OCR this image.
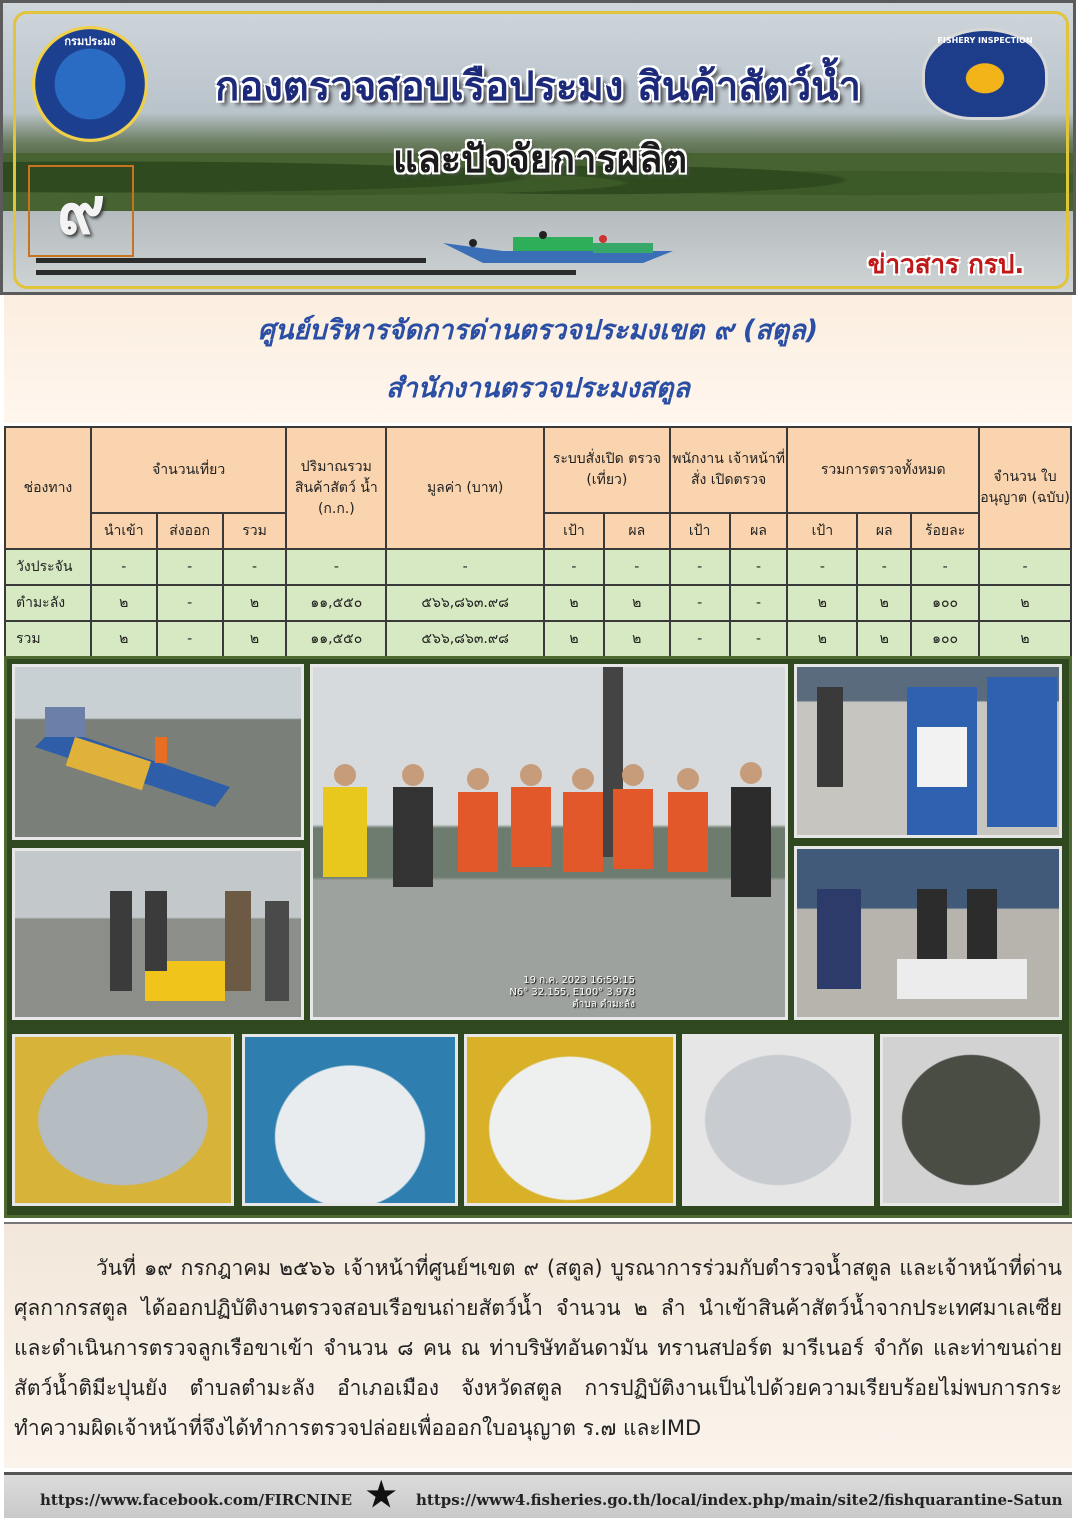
กรมประมง	FISHERY INSPECTION
กองตรวจสอบเรือประมง สินค้าสัตว์น้ำ
และปัจจัยการผลิต
๙
ข่าวสาร กรป.
ศูนย์บริหารจัดการด่านตรวจประมงเขต ๙ (สตูล)
สำนักงานตรวจประมงสตูล
ช่องทาง	จำนวนเที่ยว			ปริมาณรวม สินค้าสัตว์ น้ำ (ก.ก.)	มูลค่า (บาท)	ระบบสั่งเปิด ตรวจ (เที่ยว)		พนักงาน เจ้าหน้าที่สั่ง เปิดตรวจ		รวมการตรวจทั้งหมด			จำนวน ใบอนุญาต (ฉบับ)
	นำเข้า	ส่งออก	รวม			เป้า	ผล	เป้า	ผล	เป้า	ผล	ร้อยละ	
วังประจัน	-	-	-	-	-	-	-	-	-	-	-	-	-
ตำมะลัง	๒	-	๒	๑๑,๕๕๐	๕๖๖,๘๖๓.๙๘	๒	๒	-	-	๒	๒	๑๐๐	๒
รวม	๒	-	๒	๑๑,๕๕๐	๕๖๖,๘๖๓.๙๘	๒	๒	-	-	๒	๒	๑๐๐	๒
19 ก.ค. 2023 16:59:15
N6° 32.155, E100° 3.978
ตำบล ตำมะลัง
วันที่ ๑๙ กรกฎาคม ๒๕๖๖ เจ้าหน้าที่ศูนย์ฯเขต ๙ (สตูล) บูรณาการร่วมกับตำรวจน้ำสตูล และเจ้าหน้าที่ด่านศุลกากรสตูล ได้ออกปฏิบัติงานตรวจสอบเรือขนถ่ายสัตว์น้ำ จำนวน ๒ ลำ นำเข้าสินค้าสัตว์น้ำจากประเทศมาเลเซียและดำเนินการตรวจลูกเรือขาเข้า จำนวน ๘ คน ณ ท่าบริษัทอันดามัน ทรานสปอร์ต มารีเนอร์ จำกัด และท่าขนถ่ายสัตว์น้ำติมีะปุนยัง ตำบลตำมะลัง อำเภอเมือง จังหวัดสตูล การปฏิบัติงานเป็นไปด้วยความเรียบร้อยไม่พบการกระทำความผิดเจ้าหน้าที่จึงได้ทำการตรวจปล่อยเพื่อออกใบอนุญาต ร.๗ และIMD
https://www.facebook.com/FIRCNINE ★ https://www4.fisheries.go.th/local/index.php/main/site2/fishquarantine-Satun
